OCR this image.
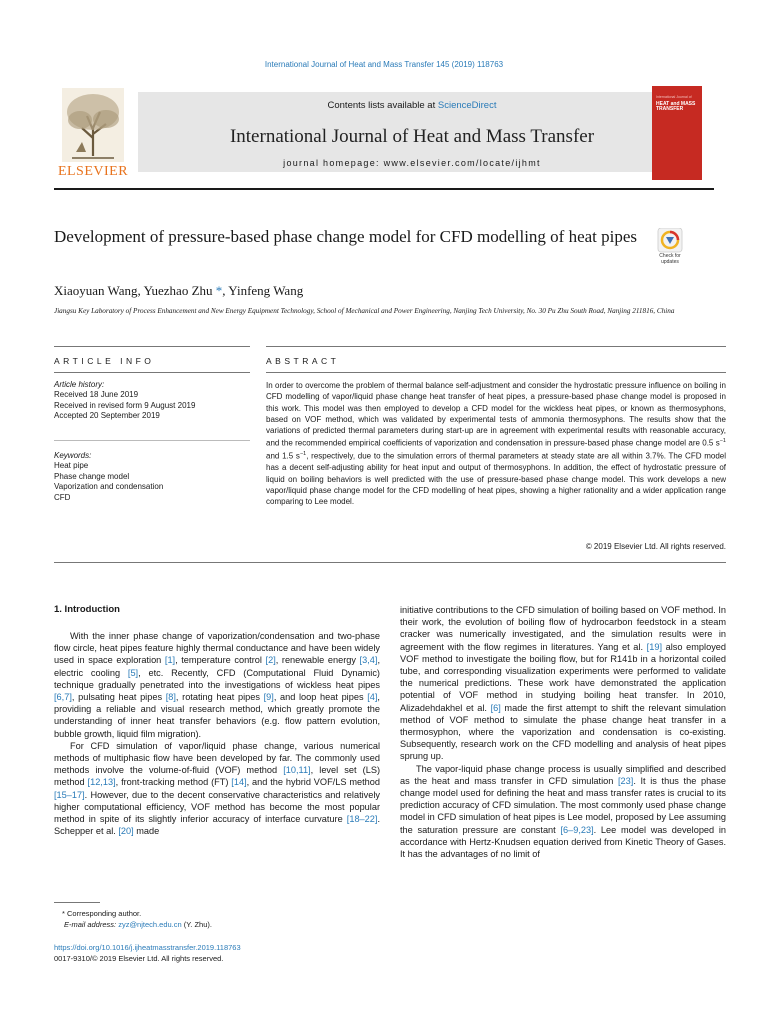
International Journal of Heat and Mass Transfer 145 (2019) 118763
ELSEVIER
Contents lists available at ScienceDirect
International Journal of Heat and Mass Transfer
journal homepage: www.elsevier.com/locate/ijhmt
International Journal of
HEAT and MASS TRANSFER
Development of pressure-based phase change model for CFD modelling of heat pipes
Check for updates
Xiaoyuan Wang, Yuezhao Zhu *, Yinfeng Wang
Jiangsu Key Laboratory of Process Enhancement and New Energy Equipment Technology, School of Mechanical and Power Engineering, Nanjing Tech University, No. 30 Pu Zhu South Road, Nanjing 211816, China
ARTICLE INFO	ABSTRACT
Article history:
Received 18 June 2019
Received in revised form 9 August 2019
Accepted 20 September 2019
Keywords:
Heat pipe
Phase change model
Vaporization and condensation
CFD
In order to overcome the problem of thermal balance self-adjustment and consider the hydrostatic pressure influence on boiling in CFD modelling of vapor/liquid phase change heat transfer of heat pipes, a pressure-based phase change model is proposed in this work. This model was then employed to develop a CFD model for the wickless heat pipes, or known as thermosyphons, based on VOF method, which was validated by experimental tests of ammonia thermosyphons. The results show that the variations of predicted thermal parameters during start-up are in agreement with experimental results with reasonable accuracy, and the recommended empirical coefficients of vaporization and condensation in pressure-based phase change model are 0.5 $s^{-1}$ and 1.5 $s^{-1}$, respectively, due to the simulation errors of thermal parameters at steady state are all within 3.7%. The CFD model has a decent self-adjusting ability for heat input and output of thermosyphons. In addition, the effect of hydrostatic pressure of liquid on boiling behaviors is well predicted with the use of pressure-based phase change model. This work develops a new vapor/liquid phase change model for the CFD modelling of heat pipes, showing a higher rationality and a wider application range comparing to Lee model.
© 2019 Elsevier Ltd. All rights reserved.
1. Introduction

With the inner phase change of vaporization/condensation and two-phase flow circle, heat pipes feature highly thermal conductance and have been widely used in space exploration [1], temperature control [2], renewable energy [3,4], electric cooling [5], etc. Recently, CFD (Computational Fluid Dynamic) technique gradually penetrated into the investigations of wickless heat pipes [6,7], pulsating heat pipes [8], rotating heat pipes [9], and loop heat pipes [4], providing a reliable and visual research method, which greatly promote the understanding of inner heat transfer behaviors (e.g. flow pattern evolution, bubble growth, liquid film migration).

For CFD simulation of vapor/liquid phase change, various numerical methods of multiphasic flow have been developed by far. The commonly used methods involve the volume-of-fluid (VOF) method [10,11], level set (LS) method [12,13], front-tracking method (FT) [14], and the hybrid VOF/LS method [15–17]. However, due to the decent conservative characteristics and relatively higher computational efficiency, VOF method has become the most popular method in spite of its slightly inferior accuracy of interface curvature [18–22]. Schepper et al. [20] made

initiative contributions to the CFD simulation of boiling based on VOF method. In their work, the evolution of boiling flow of hydrocarbon feedstock in a steam cracker was numerically investigated, and the simulation results were in agreement with the flow regimes in literatures. Yang et al. [19] also employed VOF method to investigate the boiling flow, but for R141b in a horizontal coiled tube, and corresponding visualization experiments were performed to validate the numerical predictions. These work have demonstrated the application potential of VOF method in studying boiling heat transfer. In 2010, Alizadehdakhel et al. [6] made the first attempt to shift the relevant simulation method of VOF method to simulate the phase change heat transfer in a thermosyphon, where the vaporization and condensation is co-existing. Subsequently, research work on the CFD modelling and analysis of heat pipes sprung up.

The vapor-liquid phase change process is usually simplified and described as the heat and mass transfer in CFD simulation [23]. It is thus the phase change model used for defining the heat and mass transfer rates is crucial to its prediction accuracy of CFD simulation. The most commonly used phase change model in CFD simulation of heat pipes is Lee model, proposed by Lee assuming the saturation pressure are constant [6–9,23]. Lee model was developed in accordance with Hertz-Knudsen equation derived from Kinetic Theory of Gases. It has the advantages of no limit of

* Corresponding author.
E-mail address: zyz@njtech.edu.cn (Y. Zhu).
https://doi.org/10.1016/j.ijheatmasstransfer.2019.118763
0017-9310/© 2019 Elsevier Ltd. All rights reserved.
